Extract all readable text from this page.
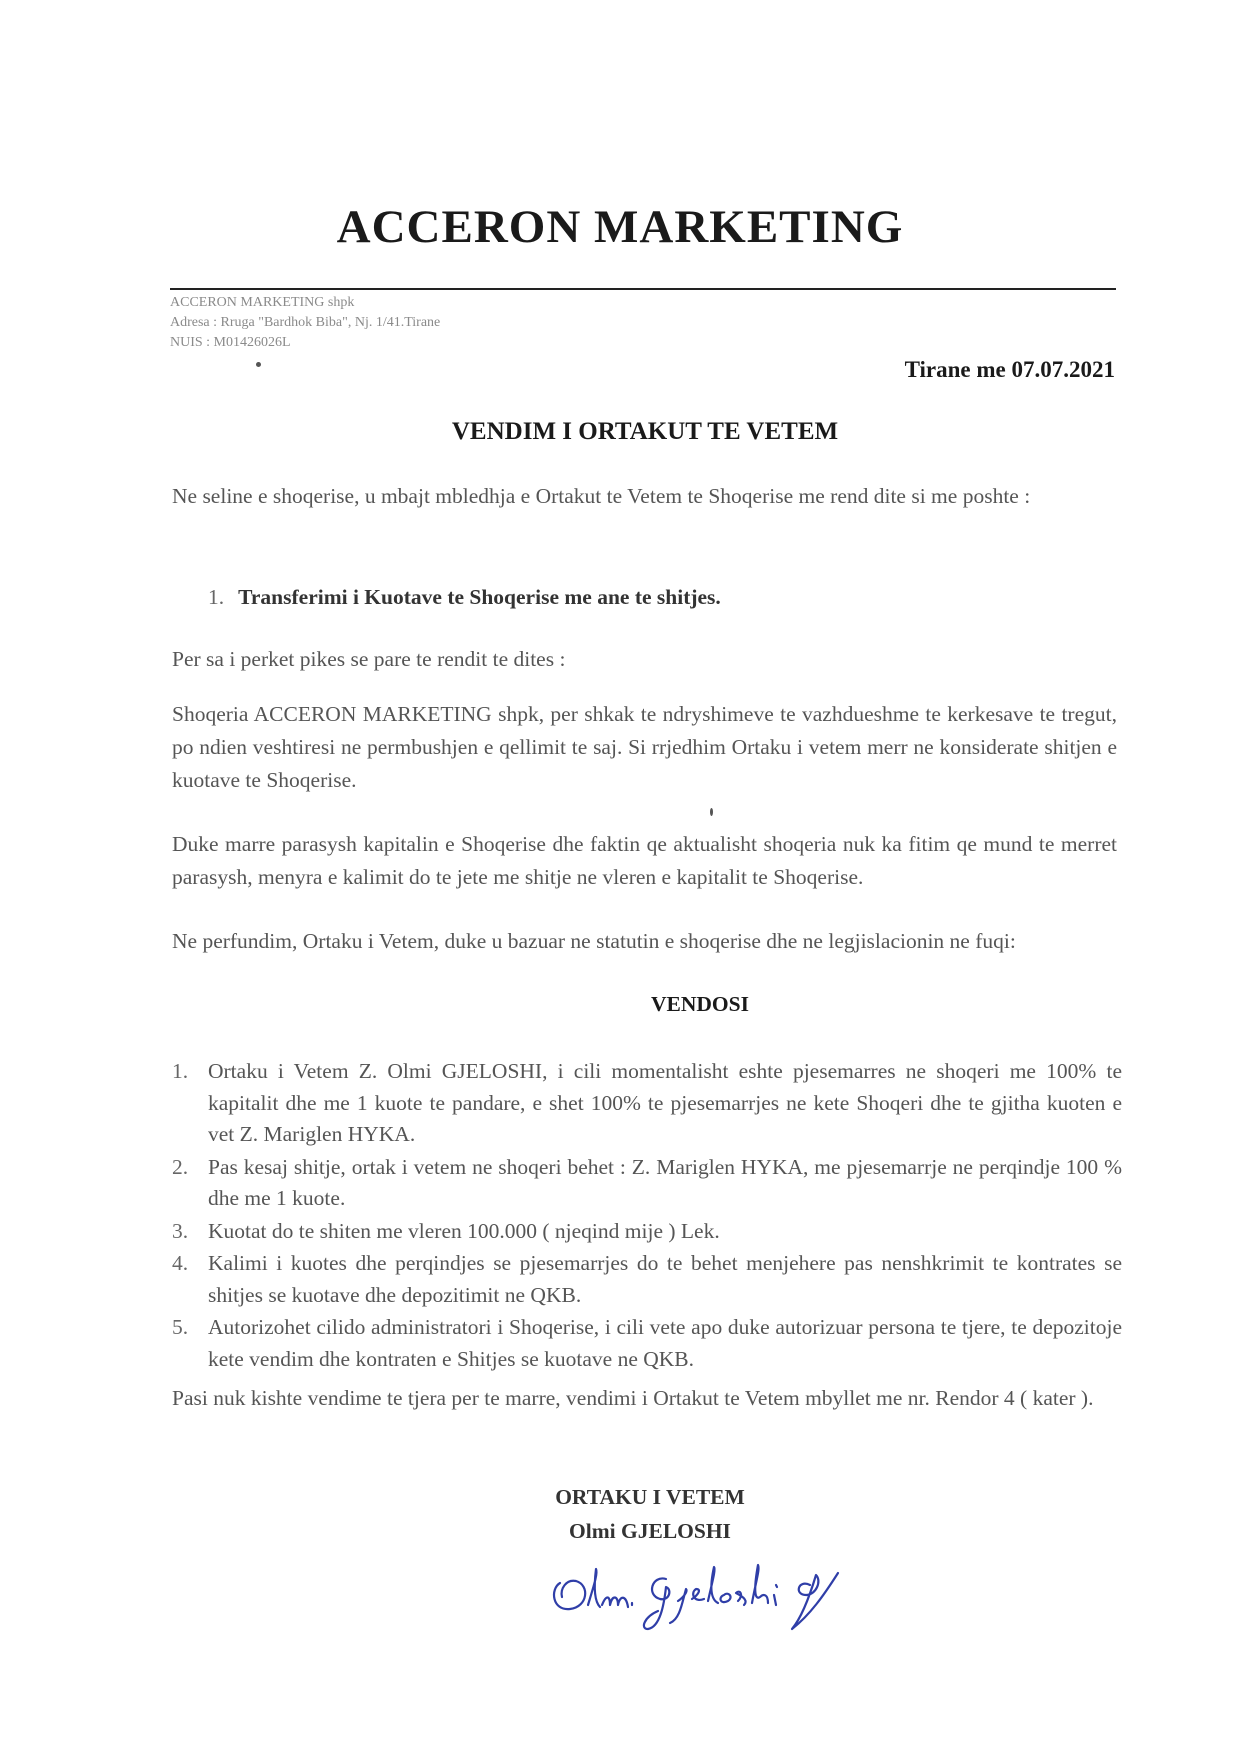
ACCERON MARKETING
ACCERON MARKETING shpk
Adresa : Rruga "Bardhok Biba", Nj. 1/41.Tirane
NUIS : M01426026L
Tirane me 07.07.2021
VENDIM I ORTAKUT TE VETEM
Ne seline e shoqerise, u mbajt mbledhja e Ortakut te Vetem te Shoqerise me rend dite si me poshte :
1. Transferimi i Kuotave te Shoqerise me ane te shitjes.
Per sa i perket pikes se pare te rendit te dites :
Shoqeria ACCERON MARKETING shpk, per shkak te ndryshimeve te vazhdueshme te kerkesave te tregut, po ndien veshtiresi ne permbushjen e qellimit te saj. Si rrjedhim Ortaku i vetem merr ne konsiderate shitjen e kuotave te Shoqerise.
Duke marre parasysh kapitalin e Shoqerise dhe faktin qe aktualisht shoqeria nuk ka fitim qe mund te merret parasysh, menyra e kalimit do te jete me shitje ne vleren e kapitalit te Shoqerise.
Ne perfundim, Ortaku i Vetem, duke u bazuar ne statutin e shoqerise dhe ne legjislacionin ne fuqi:
VENDOSI
1. Ortaku i Vetem Z. Olmi GJELOSHI, i cili momentalisht eshte pjesemarres ne shoqeri me 100% te kapitalit dhe me 1 kuote te pandare, e shet 100% te pjesemarrjes ne kete Shoqeri dhe te gjitha kuoten e vet Z. Mariglen HYKA.
2. Pas kesaj shitje, ortak i vetem ne shoqeri behet : Z. Mariglen HYKA, me pjesemarrje ne perqindje 100 % dhe me 1 kuote.
3. Kuotat do te shiten me vleren 100.000 ( njeqind mije ) Lek.
4. Kalimi i kuotes dhe perqindjes se pjesemarrjes do te behet menjehere pas nenshkrimit te kontrates se shitjes se kuotave dhe depozitimit ne QKB.
5. Autorizohet cilido administratori i Shoqerise, i cili vete apo duke autorizuar persona te tjere, te depozitoje kete vendim dhe kontraten e Shitjes se kuotave ne QKB.
Pasi nuk kishte vendime te tjera per te marre, vendimi i Ortakut te Vetem mbyllet me nr. Rendor 4 ( kater ).
ORTAKU I VETEM
Olmi GJELOSHI
